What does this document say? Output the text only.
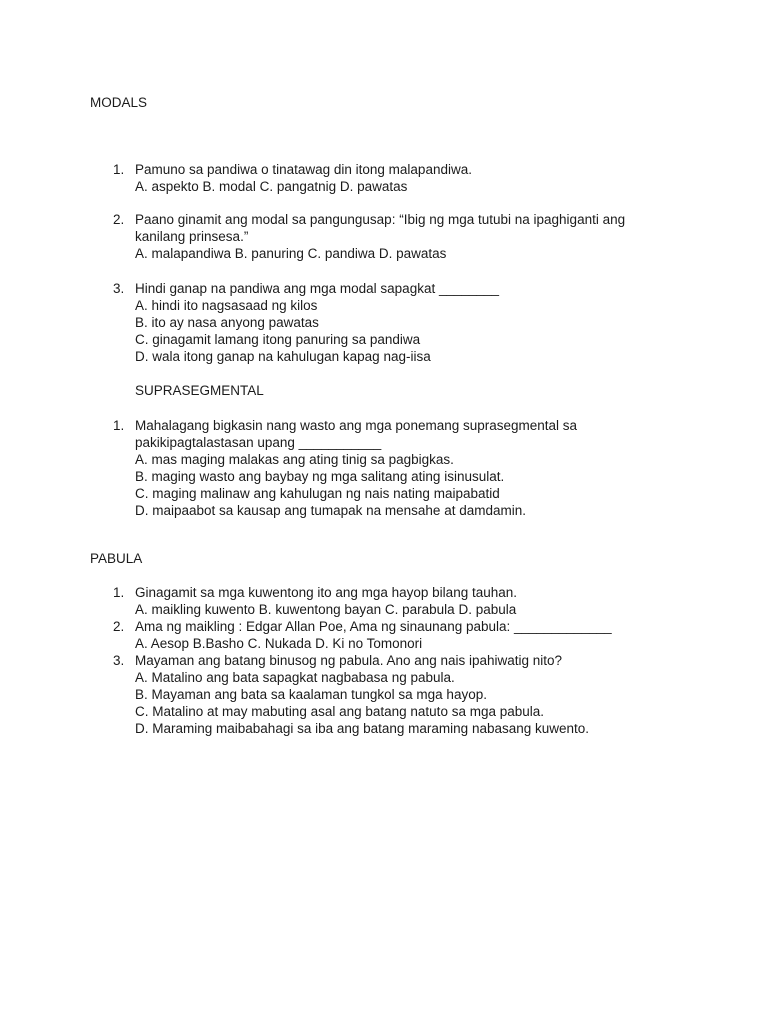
MODALS
1. Pamuno sa pandiwa o tinatawag din itong malapandiwa.
A. aspekto B. modal C. pangatnig D. pawatas
2. Paano ginamit ang modal sa pangungusap: “Ibig ng mga tutubi na ipaghiganti ang
kanilang prinsesa.”
A. malapandiwa B. panuring C. pandiwa D. pawatas
3. Hindi ganap na pandiwa ang mga modal sapagkat ________
A. hindi ito nagsasaad ng kilos
B. ito ay nasa anyong pawatas
C. ginagamit lamang itong panuring sa pandiwa
D. wala itong ganap na kahulugan kapag nag-iisa
SUPRASEGMENTAL
1. Mahalagang bigkasin nang wasto ang mga ponemang suprasegmental sa
pakikipagtalastasan upang ___________
A. mas maging malakas ang ating tinig sa pagbigkas.
B. maging wasto ang baybay ng mga salitang ating isinusulat.
C. maging malinaw ang kahulugan ng nais nating maipabatid
D. maipaabot sa kausap ang tumapak na mensahe at damdamin.
PABULA
1. Ginagamit sa mga kuwentong ito ang mga hayop bilang tauhan.
A. maikling kuwento B. kuwentong bayan C. parabula D. pabula
2. Ama ng maikling : Edgar Allan Poe, Ama ng sinaunang pabula: _____________
A. Aesop B.Basho C. Nukada D. Ki no Tomonori
3. Mayaman ang batang binusog ng pabula. Ano ang nais ipahiwatig nito?
A. Matalino ang bata sapagkat nagbabasa ng pabula.
B. Mayaman ang bata sa kaalaman tungkol sa mga hayop.
C. Matalino at may mabuting asal ang batang natuto sa mga pabula.
D. Maraming maibabahagi sa iba ang batang maraming nabasang kuwento.
